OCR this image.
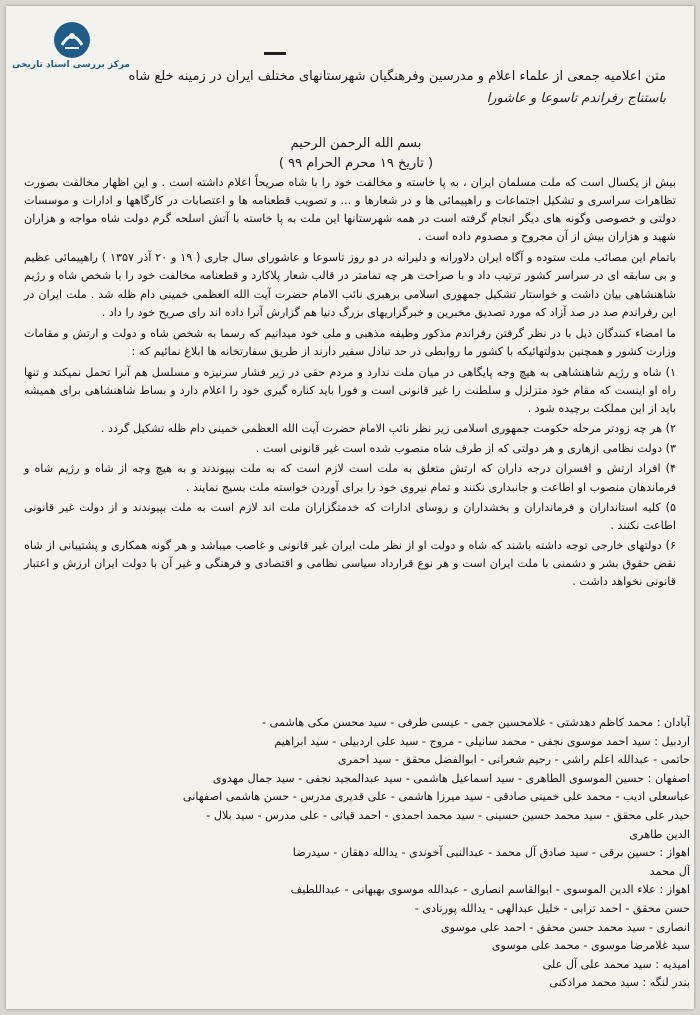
مرکز بررسی اسناد تاریخی
متن اعلامیه جمعی از علماء اعلام و مدرسین وفرهنگیان شهرستانهای مختلف ایران در زمینه خلع شاه
باستناج رفراندم تاسوعا و عاشورا
بسم الله الرحمن الرحیم
( تاریخ ۱۹ محرم الحرام ۹۹ )

بیش از یکسال است که ملت مسلمان ایران ، به پا خاسته و مخالفت خود را با شاه صریحاً اعلام داشته است . و این اظهار مخالفت بصورت تظاهرات سراسری و تشکیل اجتماعات و راهپیمائی ها و در شعارها و ... و تصویب قطعنامه ها و اعتصابات در کارگاهها و ادارات و موسسات دولتی و خصوصی وگونه های دیگر انجام گرفته است در همه شهرستانها این ملت به پا خاسته با آتش اسلحه گرم دولت شاه مواجه و هزاران شهید و هزاران بیش از آن مجروح و مصدوم داده است .

باتمام این مصائب ملت ستوده و آگاه ایران دلاورانه و دلیرانه در دو روز تاسوعا و عاشورای سال جاری ( ۱۹ و ۲۰ آذر ۱۳۵۷ ) راهپیمائی عظیم و بی سابقه ای در سراسر کشور ترتیب داد و با صراحت هر چه تمامتر در قالب شعار پلاکارد و قطعنامه مخالفت خود را با شخص شاه و رژیم شاهنشاهی بیان داشت و خواستار تشکیل جمهوری اسلامی برهبری نائب الامام حضرت آیت الله العظمی خمینی دام ظله شد . ملت ایران در این رفراندم صد در صد آزاد که مورد تصدیق مخبرین و خبرگزاریهای بزرگ دنیا هم گزارش آنرا داده اند رای صریح خود را داد .

ما امضاء کنندگان ذیل با در نظر گرفتن رفراندم مذکور وظیفه مذهبی و ملی خود میدانیم که رسما به شخص شاه و دولت و ارتش و مقامات وزارت کشور و همچنین بدولتهائیکه با کشور ما روابطی در حد تبادل سفیر دارند از طریق سفارتخانه ها ابلاغ نمائیم که :

۱) شاه و رژیم شاهنشاهی به هیچ وجه پایگاهی در میان ملت ندارد و مردم حقی در زیر فشار سرنیزه و مسلسل هم آنرا تحمل نمیکند و تنها راه او اینست که مقام خود متزلزل و سلطنت را غیر قانونی است و فورا باید کناره گیری خود را اعلام دارد و بساط شاهنشاهی برای همیشه باید از این مملکت برچیده شود .

۲) هر چه زودتر مرحله حکومت جمهوری اسلامی زیر نظر نائب الامام حضرت آیت الله العظمی خمینی دام ظله تشکیل گردد .

۳) دولت نظامی ازهاری و هر دولتی که از طرف شاه منصوب شده است غیر قانونی است .

۴) افراد ارتش و افسران درجه داران که ارتش متعلق به ملت است لازم است که به ملت بپیوندند و به هیچ وجه از شاه و رژیم شاه و فرماندهان منصوب او اطاعت و جانبداری نکنند و تمام نیروی خود را برای آوردن خواسته ملت بسیج نمایند .

۵) کلیه استانداران و فرمانداران و بخشداران و روسای ادارات که خدمتگزاران ملت اند لازم است به ملت بپیوندند و از دولت غیر قانونی اطاعت نکنند .

۶) دولتهای خارجی توجه داشته باشند که شاه و دولت او از نظر ملت ایران غیر قانونی و غاصب میباشد و هر گونه همکاری و پشتیبانی از شاه نقض حقوق بشر و دشمنی با ملت ایران است و هر نوع قرارداد سیاسی نظامی و اقتصادی و فرهنگی و غیر آن با دولت ایران ارزش و اعتبار قانونی نخواهد داشت .

آبادان : محمد کاظم دهدشتی - غلامحسین جمی - عیسی طرفی - سید محسن مکی هاشمی -
اردبیل : سید احمد موسوی نجفی - محمد سانیلی - مروج - سید علی اردبیلی - سید ابراهیم
حاتمی - عبدالله اعلم راشی - رحیم شعرانی - ابوالفضل محقق - سید احمری
اصفهان : حسین الموسوی الطاهری - سید اسماعیل هاشمی - سید عبدالمجید نجفی - سید جمال مهدوی
عباسعلی ادیب - محمد علی خمینی صادقی - سید میرزا هاشمی - علی قدیری مدرس - حسن هاشمی اصفهانی
حیدر علی محقق - سید محمد حسین حسینی - سید محمد احمدی - احمد قیاثی - علی مدرس - سید بلال -
الدین طاهری
اهواز : حسین برقی - سید صادق آل محمد - عبدالنبی آخوندی - یدالله دهقان - سیدرضا
آل محمد
اهواز : علاء الدین الموسوی - ابوالقاسم انصاری - عبدالله موسوی بهبهانی - عبداللطیف
حسن محقق - احمد ترابی - خلیل عبدالهی - یدالله پورنادی -
انصاری - سید محمد حسن محقق - احمد علی موسوی
سید غلامرضا موسوی - محمد علی موسوی
امیدیه : سید محمد علی آل علی
بندر لنگه : سید محمد مرادکنی
